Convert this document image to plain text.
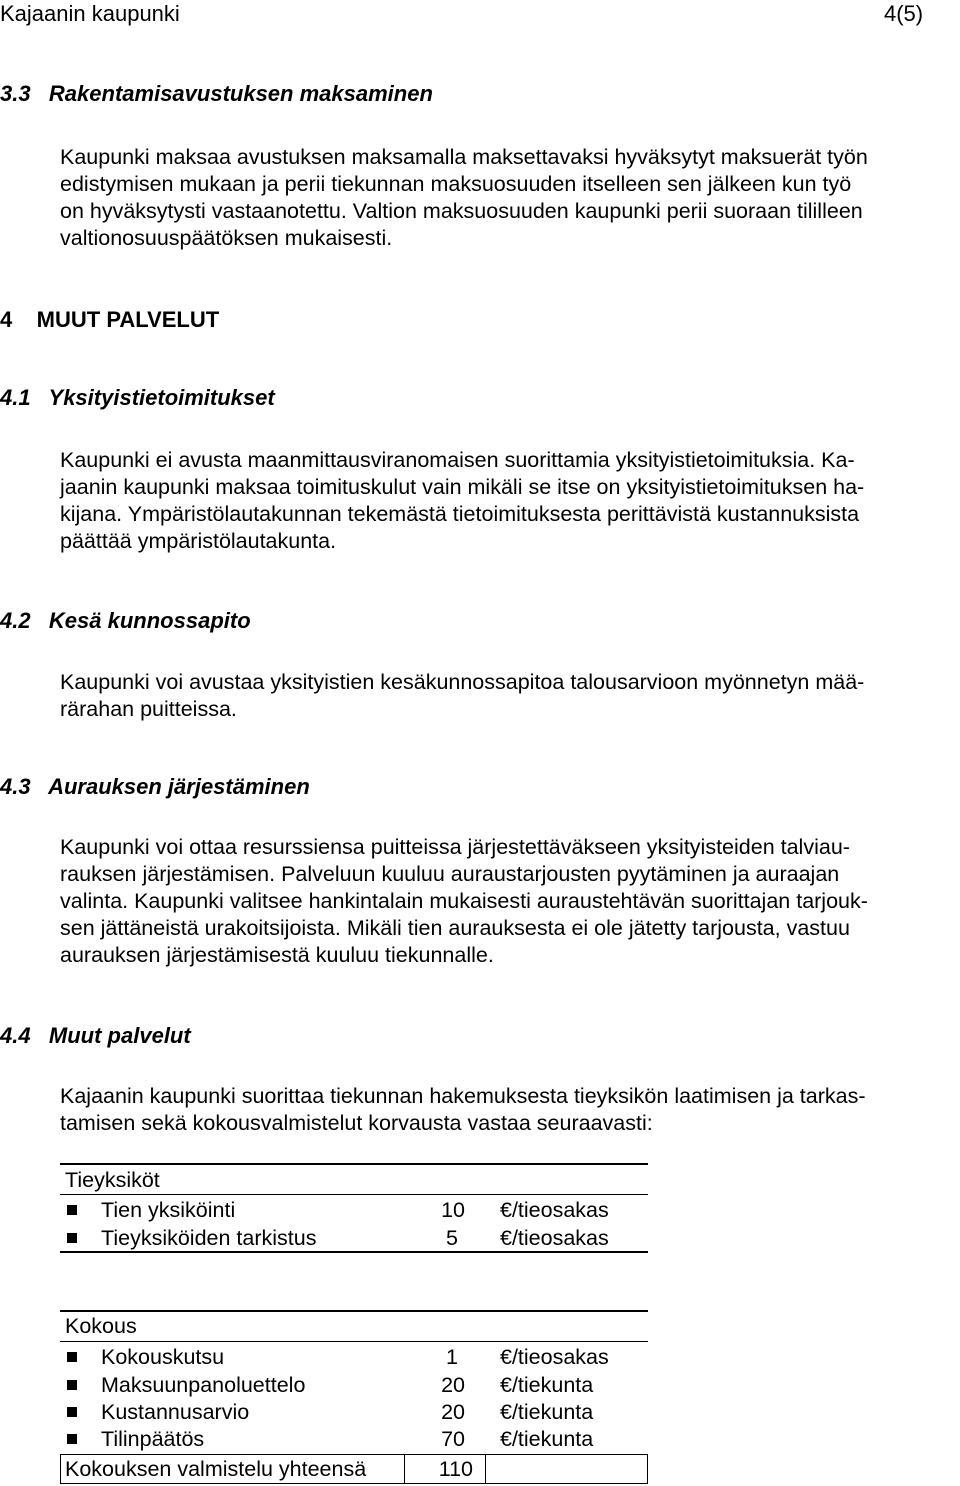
Kajaanin kaupunki	4(5)
3.3   Rakentamisavustuksen maksaminen
Kaupunki maksaa avustuksen maksamalla maksettavaksi hyväksytyt maksuerät työn
edistymisen mukaan ja perii tiekunnan maksuosuuden itselleen sen jälkeen kun työ
on hyväksytysti vastaanotettu. Valtion maksuosuuden kaupunki perii suoraan tililleen
valtionosuuspäätöksen mukaisesti.
4    MUUT PALVELUT
4.1   Yksityistietoimitukset
Kaupunki ei avusta maanmittausviranomaisen suorittamia yksityistietoimituksia. Ka-
jaanin kaupunki maksaa toimituskulut vain mikäli se itse on yksityistietoimituksen ha-
kijana. Ympäristölautakunnan tekemästä tietoimituksesta perittävistä kustannuksista
päättää ympäristölautakunta.
4.2   Kesä kunnossapito
Kaupunki voi avustaa yksityistien kesäkunnossapitoa talousarvioon myönnetyn mää-
rärahan puitteissa.
4.3   Aurauksen järjestäminen
Kaupunki voi ottaa resurssiensa puitteissa järjestettäväkseen yksityisteiden talviau-
rauksen järjestämisen. Palveluun kuuluu auraustarjousten pyytäminen ja auraajan
valinta. Kaupunki valitsee hankintalain mukaisesti auraustehtävän suorittajan tarjouk-
sen jättäneistä urakoitsijoista. Mikäli tien aurauksesta ei ole jätetty tarjousta, vastuu
aurauksen järjestämisestä kuuluu tiekunnalle.
4.4   Muut palvelut
Kajaanin kaupunki suorittaa tiekunnan hakemuksesta tieyksikön laatimisen ja tarkas-
tamisen sekä kokousvalmistelut korvausta vastaa seuraavasti:
Tieyksiköt
Tien yksiköinti	10 €/tieosakas
Tieyksiköiden tarkistus	5 €/tieosakas
Kokous
Kokouskutsu	1 €/tieosakas
Maksuunpanoluettelo	20 €/tiekunta
Kustannusarvio	20 €/tiekunta
Tilinpäätös	70 €/tiekunta
Kokouksen valmistelu yhteensä	110
